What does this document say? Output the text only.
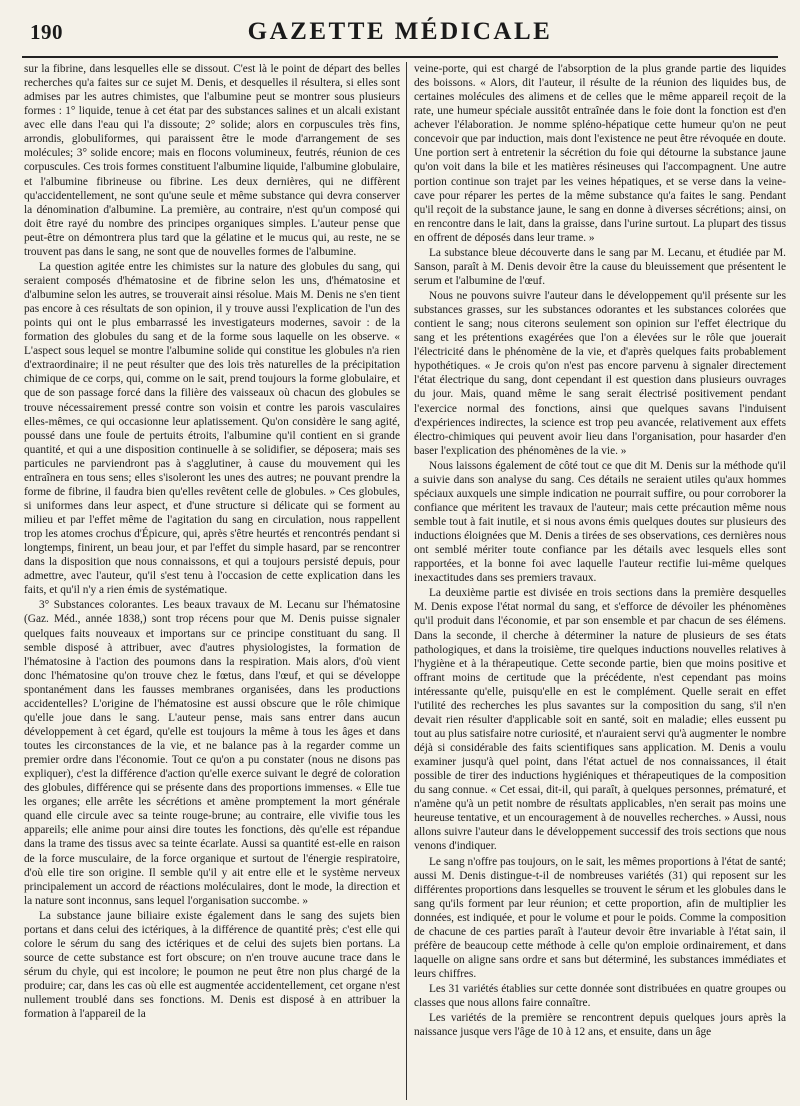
190	GAZETTE MÉDICALE

sur la fibrine, dans lesquelles elle se dissout. C'est là le point de départ des belles recherches qu'a faites sur ce sujet M. Denis, et desquelles il résultera, si elles sont admises par les autres chimistes, que l'albumine peut se montrer sous plusieurs formes : 1° liquide, tenue à cet état par des substances salines et un alcali existant avec elle dans l'eau qui l'a dissoute; 2° solide; alors en corpuscules très fins, arrondis, globuliformes, qui paraissent être le mode d'arrangement de ses molécules; 3° solide encore; mais en flocons volumineux, feutrés, réunion de ces corpuscules. Ces trois formes constituent l'albumine liquide, l'albumine globulaire, et l'albumine fibrineuse ou fibrine. Les deux dernières, qui ne diffèrent qu'accidentellement, ne sont qu'une seule et même substance qui devra conserver la dénomination d'albumine. La première, au contraire, n'est qu'un composé qui doit être rayé du nombre des principes organiques simples. L'auteur pense que peut-être on démontrera plus tard que la gélatine et le mucus qui, au reste, ne se trouvent pas dans le sang, ne sont que de nouvelles formes de l'albumine.

La question agitée entre les chimistes sur la nature des globules du sang, qui seraient composés d'hématosine et de fibrine selon les uns, d'hématosine et d'albumine selon les autres, se trouverait ainsi résolue. Mais M. Denis ne s'en tient pas encore à ces résultats de son opinion, il y trouve aussi l'explication de l'un des points qui ont le plus embarrassé les investigateurs modernes, savoir : de la formation des globules du sang et de la forme sous laquelle on les observe. « L'aspect sous lequel se montre l'albumine solide qui constitue les globules n'a rien d'extraordinaire; il ne peut résulter que des lois très naturelles de la précipitation chimique de ce corps, qui, comme on le sait, prend toujours la forme globulaire, et que de son passage forcé dans la filière des vaisseaux où chacun des globules se trouve nécessairement pressé contre son voisin et contre les parois vasculaires elles-mêmes, ce qui occasionne leur aplatissement. Qu'on considère le sang agité, poussé dans une foule de pertuits étroits, l'albumine qu'il contient en si grande quantité, et qui a une disposition continuelle à se solidifier, se déposera; mais ses particules ne parviendront pas à s'agglutiner, à cause du mouvement qui les entraînera en tous sens; elles s'isoleront les unes des autres; ne pouvant prendre la forme de fibrine, il faudra bien qu'elles revêtent celle de globules. » Ces globules, si uniformes dans leur aspect, et d'une structure si délicate qui se forment au milieu et par l'effet même de l'agitation du sang en circulation, nous rappellent trop les atomes crochus d'Épicure, qui, après s'être heurtés et rencontrés pendant si longtemps, finirent, un beau jour, et par l'effet du simple hasard, par se rencontrer dans la disposition que nous connaissons, et qui a toujours persisté depuis, pour admettre, avec l'auteur, qu'il s'est tenu à l'occasion de cette explication dans les faits, et qu'il n'y a rien émis de systématique.

3° Substances colorantes. Les beaux travaux de M. Lecanu sur l'hématosine (Gaz. Méd., année 1838,) sont trop récens pour que M. Denis puisse signaler quelques faits nouveaux et importans sur ce principe constituant du sang. Il semble disposé à attribuer, avec d'autres physiologistes, la formation de l'hématosine à l'action des poumons dans la respiration. Mais alors, d'où vient donc l'hématosine qu'on trouve chez le fœtus, dans l'œuf, et qui se développe spontanément dans les fausses membranes organisées, dans les productions accidentelles? L'origine de l'hématosine est aussi obscure que le rôle chimique qu'elle joue dans le sang. L'auteur pense, mais sans entrer dans aucun développement à cet égard, qu'elle est toujours la même à tous les âges et dans toutes les circonstances de la vie, et ne balance pas à la regarder comme un premier ordre dans l'économie. Tout ce qu'on a pu constater (nous ne disons pas expliquer), c'est la différence d'action qu'elle exerce suivant le degré de coloration des globules, différence qui se présente dans des proportions immenses. « Elle tue les organes; elle arrête les sécrétions et amène promptement la mort générale quand elle circule avec sa teinte rouge-brune; au contraire, elle vivifie tous les appareils; elle anime pour ainsi dire toutes les fonctions, dès qu'elle est répandue dans la trame des tissus avec sa teinte écarlate. Aussi sa quantité est-elle en raison de la force musculaire, de la force organique et surtout de l'énergie respiratoire, d'où elle tire son origine. Il semble qu'il y ait entre elle et le système nerveux principalement un accord de réactions moléculaires, dont le mode, la direction et la nature sont inconnus, sans lequel l'organisation succombe. »

La substance jaune biliaire existe également dans le sang des sujets bien portans et dans celui des ictériques, à la différence de quantité près; c'est elle qui colore le sérum du sang des ictériques et de celui des sujets bien portans. La source de cette substance est fort obscure; on n'en trouve aucune trace dans le sérum du chyle, qui est incolore; le poumon ne peut être non plus chargé de la produire; car, dans les cas où elle est augmentée accidentellement, cet organe n'est nullement troublé dans ses fonctions. M. Denis est disposé à en attribuer la formation à l'appareil de la

veine-porte, qui est chargé de l'absorption de la plus grande partie des liquides des boissons. « Alors, dit l'auteur, il résulte de la réunion des liquides bus, de certaines molécules des alimens et de celles que le même appareil reçoit de la rate, une humeur spéciale aussitôt entraînée dans le foie dont la fonction est d'en achever l'élaboration. Je nomme splénо-hépatique cette humeur qu'on ne peut concevoir que par induction, mais dont l'existence ne peut être révoquée en doute. Une portion sert à entretenir la sécrétion du foie qui détourne la substance jaune qu'on voit dans la bile et les matières résineuses qui l'accompagnent. Une autre portion continue son trajet par les veines hépatiques, et se verse dans la veine-cave pour réparer les pertes de la même substance qu'a faites le sang. Pendant qu'il reçoit de la substance jaune, le sang en donne à diverses sécrétions; ainsi, on en rencontre dans le lait, dans la graisse, dans l'urine surtout. La plupart des tissus en offrent de déposés dans leur trame. »

La substance bleue découverte dans le sang par M. Lecanu, et étudiée par M. Sanson, paraît à M. Denis devoir être la cause du bleuissement que présentent le serum et l'albumine de l'œuf.

Nous ne pouvons suivre l'auteur dans le développement qu'il présente sur les substances grasses, sur les substances odorantes et les substances colorées que contient le sang; nous citerons seulement son opinion sur l'effet électrique du sang et les prétentions exagérées que l'on a élevées sur le rôle que jouerait l'électricité dans le phénomène de la vie, et d'après quelques faits probablement hypothétiques. « Je crois qu'on n'est pas encore parvenu à signaler directement l'état électrique du sang, dont cependant il est question dans plusieurs ouvrages du jour. Mais, quand même le sang serait électrisé positivement pendant l'exercice normal des fonctions, ainsi que quelques savans l'induisent d'expériences indirectes, la science est trop peu avancée, relativement aux effets électro-chimiques qui peuvent avoir lieu dans l'organisation, pour hasarder d'en baser l'explication des phénomènes de la vie. »

Nous laissons également de côté tout ce que dit M. Denis sur la méthode qu'il a suivie dans son analyse du sang. Ces détails ne seraient utiles qu'aux hommes spéciaux auxquels une simple indication ne pourrait suffire, ou pour corroborer la confiance que méritent les travaux de l'auteur; mais cette précaution même nous semble tout à fait inutile, et si nous avons émis quelques doutes sur plusieurs des inductions éloignées que M. Denis a tirées de ses observations, ces dernières nous ont semblé mériter toute confiance par les détails avec lesquels elles sont rapportées, et la bonne foi avec laquelle l'auteur rectifie lui-même quelques inexactitudes dans ses premiers travaux.

La deuxième partie est divisée en trois sections dans la première desquelles M. Denis expose l'état normal du sang, et s'efforce de dévoiler les phénomènes qu'il produit dans l'économie, et par son ensemble et par chacun de ses élémens. Dans la seconde, il cherche à déterminer la nature de plusieurs de ses états pathologiques, et dans la troisième, tire quelques inductions nouvelles relatives à l'hygiène et à la thérapeutique. Cette seconde partie, bien que moins positive et offrant moins de certitude que la précédente, n'est cependant pas moins intéressante qu'elle, puisqu'elle en est le complément. Quelle serait en effet l'utilité des recherches les plus savantes sur la composition du sang, s'il n'en devait rien résulter d'applicable soit en santé, soit en maladie; elles eussent pu tout au plus satisfaire notre curiosité, et n'auraient servi qu'à augmenter le nombre déjà si considérable des faits scientifiques sans application. M. Denis a voulu examiner jusqu'à quel point, dans l'état actuel de nos connaissances, il était possible de tirer des inductions hygiéniques et thérapeutiques de la composition du sang connue. « Cet essai, dit-il, qui paraît, à quelques personnes, prématuré, et n'amène qu'à un petit nombre de résultats applicables, n'en serait pas moins une heureuse tentative, et un encouragement à de nouvelles recherches. » Aussi, nous allons suivre l'auteur dans le développement successif des trois sections que nous venons d'indiquer.

Le sang n'offre pas toujours, on le sait, les mêmes proportions à l'état de santé; aussi M. Denis distingue-t-il de nombreuses variétés (31) qui reposent sur les différentes proportions dans lesquelles se trouvent le sérum et les globules dans le sang qu'ils forment par leur réunion; et cette proportion, afin de multiplier les données, est indiquée, et pour le volume et pour le poids. Comme la composition de chacune de ces parties paraît à l'auteur devoir être invariable à l'état sain, il préfère de beaucoup cette méthode à celle qu'on emploie ordinairement, et dans laquelle on aligne sans ordre et sans but déterminé, les substances immédiates et leurs chiffres.

Les 31 variétés établies sur cette donnée sont distribuées en quatre groupes ou classes que nous allons faire connaître.

Les variétés de la première se rencontrent depuis quelques jours après la naissance jusque vers l'âge de 10 à 12 ans, et ensuite, dans un âge
